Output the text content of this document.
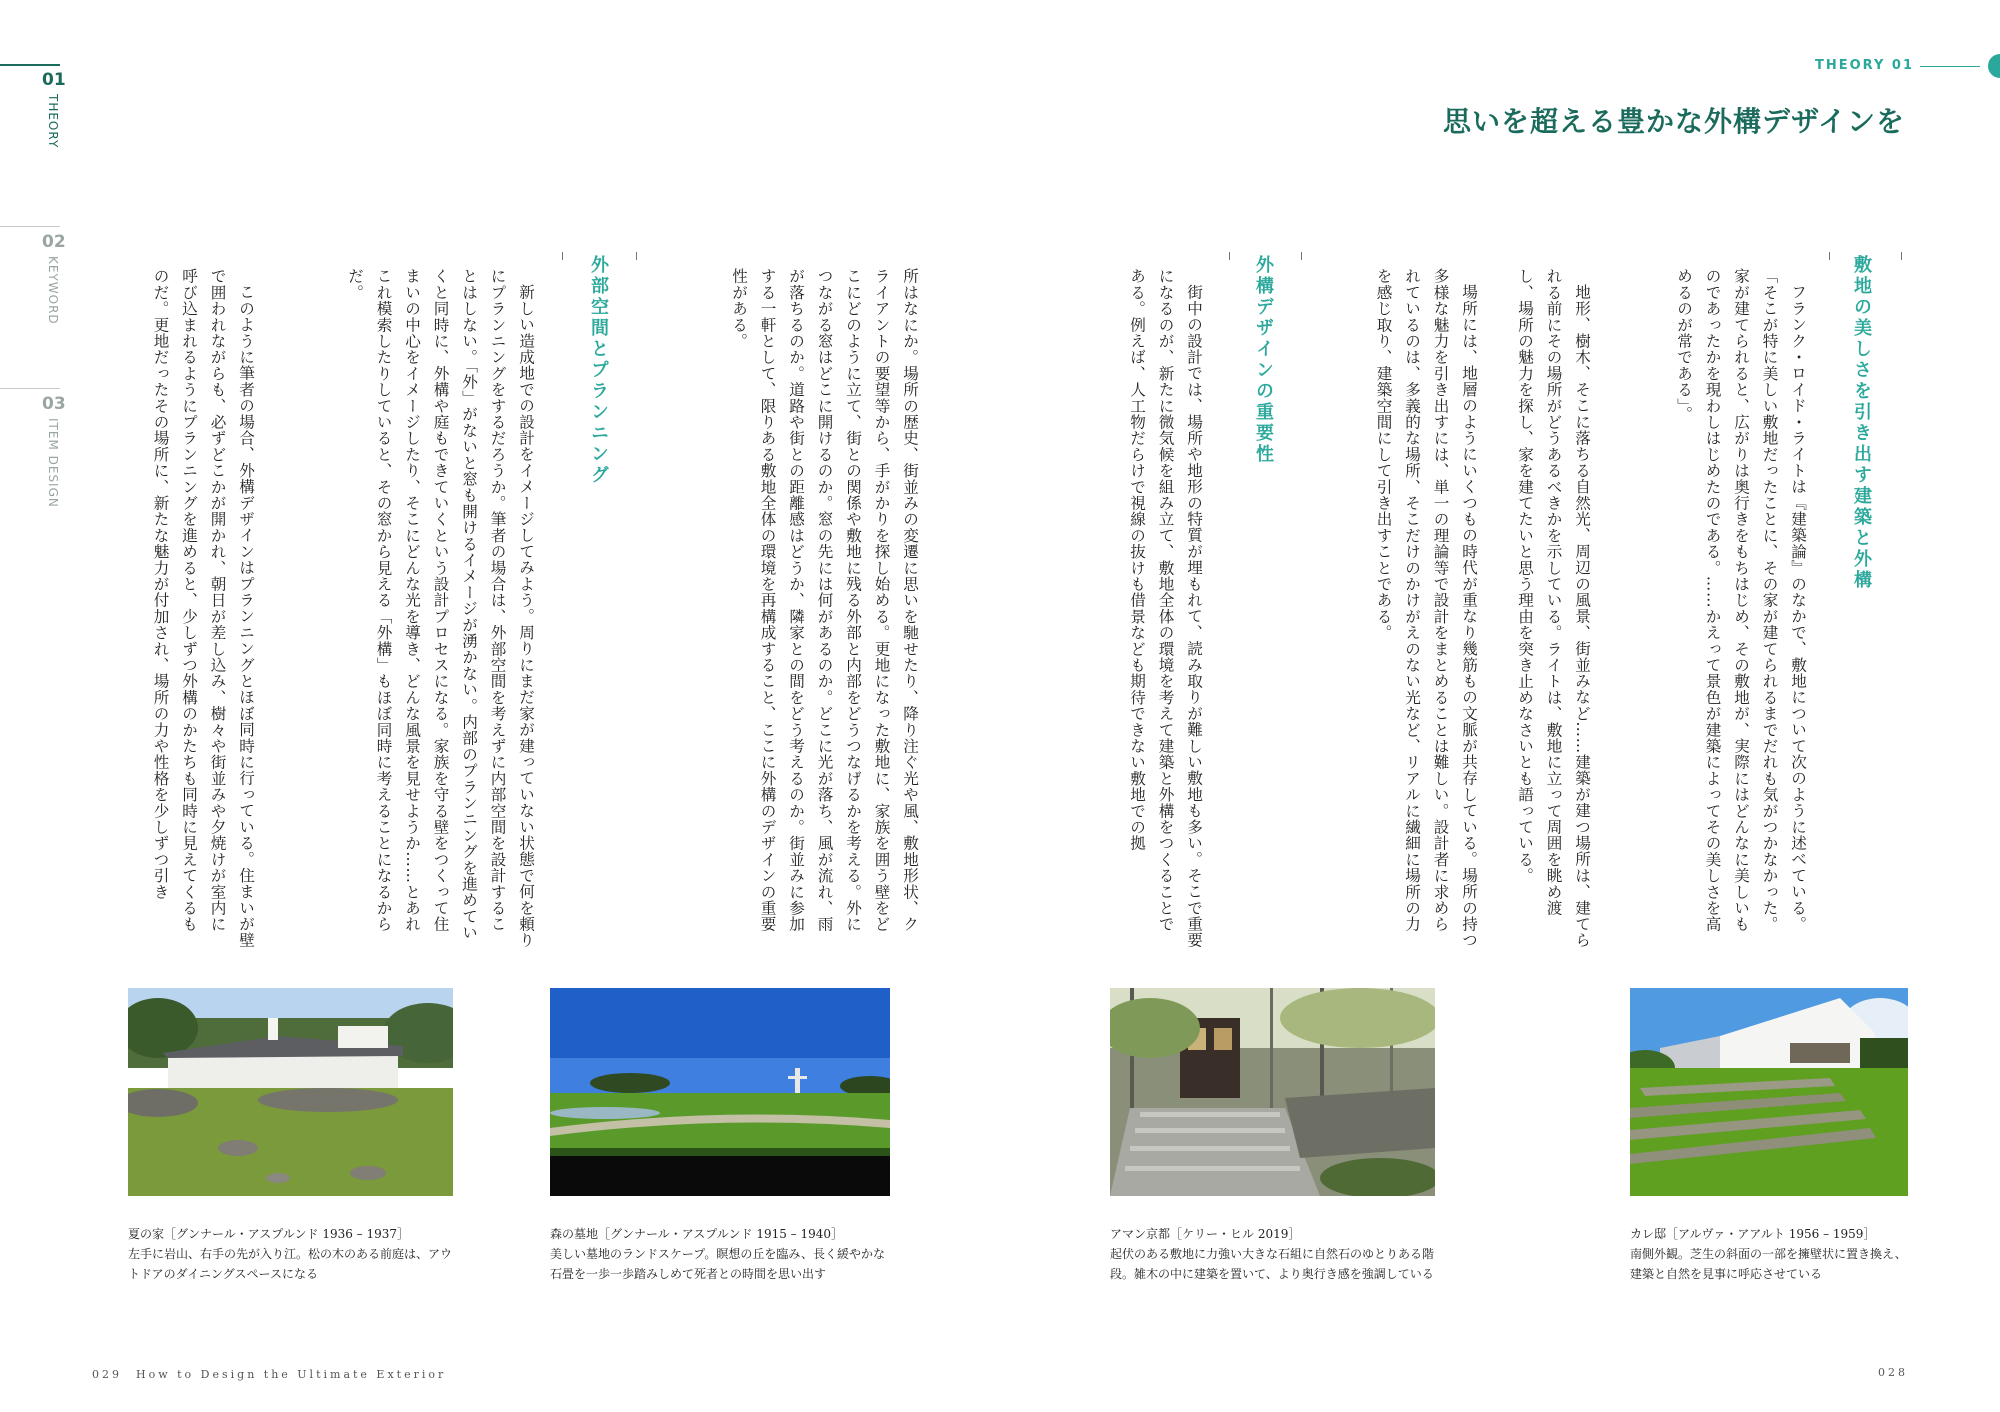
01
THEORY
02
KEYWORD
03
ITEM DESIGN
THEORY 01
思いを超える豊かな外構デザインを
敷地の美しさを引き出す建築と外構

フランク・ロイド・ライトは『建築論』のなかで、敷地について次のように述べている。「そこが特に美しい敷地だったことに、その家が建てられるまでだれも気がつかなかった。家が建てられると、広がりは奥行きをもちはじめ、その敷地が、実際にはどんなに美しいものであったかを現わしはじめたのである。……かえって景色が建築によってその美しさを高めるのが常である」。

地形、樹木、そこに落ちる自然光、周辺の風景、街並みなど……建築が建つ場所は、建てられる前にその場所がどうあるべきかを示している。ライトは、敷地に立って周囲を眺め渡し、場所の魅力を探し、家を建てたいと思う理由を突き止めなさいとも語っている。

場所には、地層のようにいくつもの時代が重なり幾筋もの文脈が共存している。場所の持つ多様な魅力を引き出すには、単一の理論等で設計をまとめることは難しい。設計者に求められているのは、多義的な場所、そこだけのかけがえのない光など、リアルに繊細に場所の力を感じ取り、建築空間にして引き出すことである。

外構デザインの重要性

街中の設計では、場所や地形の特質が埋もれて、読み取りが難しい敷地も多い。そこで重要になるのが、新たに微気候を組み立て、敷地全体の環境を考えて建築と外構をつくることである。例えば、人工物だらけで視線の抜けも借景なども期待できない敷地での拠

所はなにか。場所の歴史、街並みの変遷に思いを馳せたり、降り注ぐ光や風、敷地形状、クライアントの要望等から、手がかりを探し始める。更地になった敷地に、家族を囲う壁をどこにどのように立て、街との関係や敷地に残る外部と内部をどうつなげるかを考える。外につながる窓はどこに開けるのか。窓の先には何があるのか。どこに光が落ち、風が流れ、雨が落ちるのか。道路や街との距離感はどうか、隣家との間をどう考えるのか。街並みに参加する一軒として、限りある敷地全体の環境を再構成すること、ここに外構のデザインの重要性がある。

外部空間とプランニング

新しい造成地での設計をイメージしてみよう。周りにまだ家が建っていない状態で何を頼りにプランニングをするだろうか。筆者の場合は、外部空間を考えずに内部空間を設計することはしない。「外」がないと窓も開けるイメージが湧かない。内部のプランニングを進めていくと同時に、外構や庭もできていくという設計プロセスになる。家族を守る壁をつくって住まいの中心をイメージしたり、そこにどんな光を導き、どんな風景を見せようか……とあれこれ模索したりしていると、その窓から見える「外構」もほぼ同時に考えることになるからだ。

このように筆者の場合、外構デザインはプランニングとほぼ同時に行っている。住まいが壁で囲われながらも、必ずどこかが開かれ、朝日が差し込み、樹々や街並みや夕焼けが室内に呼び込まれるようにプランニングを進めると、少しずつ外構のかたちも同時に見えてくるものだ。更地だったその場所に、新たな魅力が付加され、場所の力や性格を少しずつ引き

夏の家［グンナール・アスプルンド 1936 – 1937］
左手に岩山、右手の先が入り江。松の木のある前庭は、アウトドアのダイニングスペースになる
森の墓地［グンナール・アスプルンド 1915 – 1940］
美しい墓地のランドスケープ。瞑想の丘を臨み、長く緩やかな石畳を一歩一歩踏みしめて死者との時間を思い出す
アマン京都［ケリー・ヒル 2019］
起伏のある敷地に力強い大きな石組に自然石のゆとりある階段。雑木の中に建築を置いて、より奥行き感を強調している
カレ邸［アルヴァ・アアルト 1956 – 1959］
南側外観。芝生の斜面の一部を擁壁状に置き換え、建築と自然を見事に呼応させている
029　How to Design the Ultimate Exterior	028
